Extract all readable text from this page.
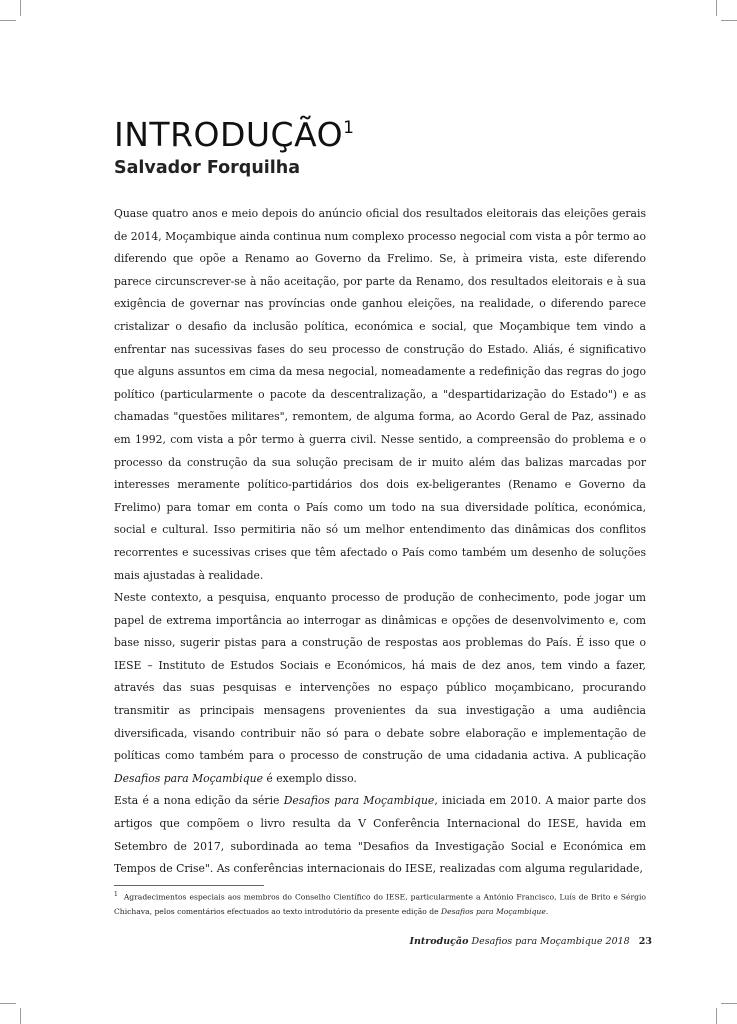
INTRODUÇÃO$^1$
Salvador Forquilha

Quase quatro anos e meio depois do anúncio oficial dos resultados eleitorais das eleições gerais de 2014, Moçambique ainda continua num complexo processo negocial com vista a pôr termo ao diferendo que opõe a Renamo ao Governo da Frelimo. Se, à primeira vista, este diferendo parece circunscrever-se à não aceitação, por parte da Renamo, dos resultados eleitorais e à sua exigência de governar nas províncias onde ganhou eleições, na realidade, o diferendo parece cristalizar o desafio da inclusão política, económica e social, que Moçambique tem vindo a enfrentar nas sucessivas fases do seu processo de construção do Estado. Aliás, é significativo que alguns assuntos em cima da mesa negocial, nomeadamente a redefinição das regras do jogo político (particularmente o pacote da descentralização, a "despartidarização do Estado") e as chamadas "questões militares", remontem, de alguma forma, ao Acordo Geral de Paz, assinado em 1992, com vista a pôr termo à guerra civil. Nesse sentido, a compreensão do problema e o processo da construção da sua solução precisam de ir muito além das balizas marcadas por interesses meramente político-partidários dos dois ex-beligerantes (Renamo e Governo da Frelimo) para tomar em conta o País como um todo na sua diversidade política, económica, social e cultural. Isso permitiria não só um melhor entendimento das dinâmicas dos conflitos recorrentes e sucessivas crises que têm afectado o País como também um desenho de soluções mais ajustadas à realidade.

Neste contexto, a pesquisa, enquanto processo de produção de conhecimento, pode jogar um papel de extrema importância ao interrogar as dinâmicas e opções de desenvolvimento e, com base nisso, sugerir pistas para a construção de respostas aos problemas do País. É isso que o IESE – Instituto de Estudos Sociais e Económicos, há mais de dez anos, tem vindo a fazer, através das suas pesquisas e intervenções no espaço público moçambicano, procurando transmitir as principais mensagens provenientes da sua investigação a uma audiência diversificada, visando contribuir não só para o debate sobre elaboração e implementação de políticas como também para o processo de construção de uma cidadania activa. A publicação Desafios para Moçambique é exemplo disso.

Esta é a nona edição da série Desafios para Moçambique, iniciada em 2010. A maior parte dos artigos que compõem o livro resulta da V Conferência Internacional do IESE, havida em Setembro de 2017, subordinada ao tema "Desafios da Investigação Social e Económica em Tempos de Crise". As conferências internacionais do IESE, realizadas com alguma regularidade,

$^1$ Agradecimentos especiais aos membros do Conselho Científico do IESE, particularmente a António Francisco, Luís de Brito e Sérgio Chichava, pelos comentários efectuados ao texto introdutório da presente edição de Desafios para Moçambique.
Introdução Desafios para Moçambique 2018 23
